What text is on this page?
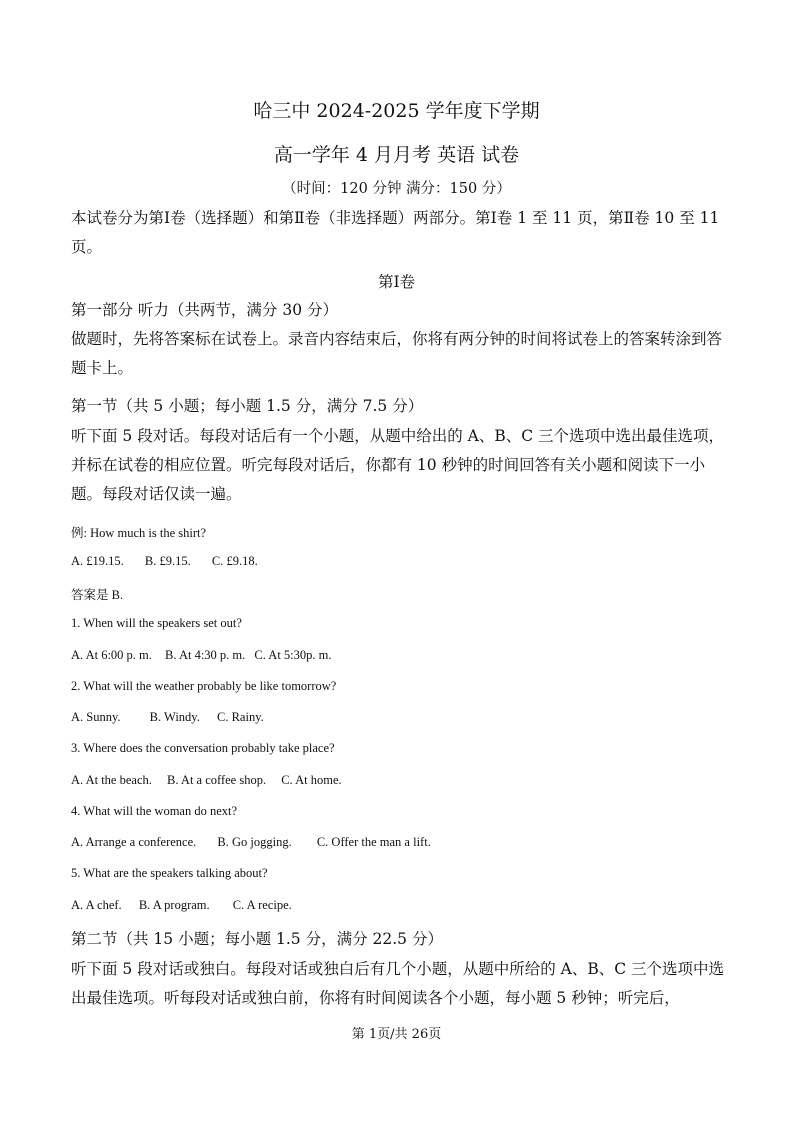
哈三中 2024-2025 学年度下学期
高一学年 4 月月考 英语 试卷
（时间：120 分钟 满分：150 分）
本试卷分为第Ⅰ卷（选择题）和第Ⅱ卷（非选择题）两部分。第Ⅰ卷 1 至 11 页，第Ⅱ卷 10 至 11 页。
第Ⅰ卷
第一部分 听力（共两节，满分 30 分）
做题时，先将答案标在试卷上。录音内容结束后，你将有两分钟的时间将试卷上的答案转涂到答题卡上。
第一节（共 5 小题；每小题 1.5 分，满分 7.5 分）
听下面 5 段对话。每段对话后有一个小题，从题中给出的 A、B、C 三个选项中选出最佳选项，并标在试卷的相应位置。听完每段对话后，你都有 10 秒钟的时间回答有关小题和阅读下一小题。每段对话仅读一遍。
例: How much is the shirt?
A. £19.15. B. £9.15. C. £9.18.
答案是 B.
1. When will the speakers set out?
A. At 6:00 p. m. B. At 4:30 p. m. C. At 5:30p. m.
2. What will the weather probably be like tomorrow?
A. Sunny. B. Windy. C. Rainy.
3. Where does the conversation probably take place?
A. At the beach. B. At a coffee shop. C. At home.
4. What will the woman do next?
A. Arrange a conference. B. Go jogging. C. Offer the man a lift.
5. What are the speakers talking about?
A. A chef. B. A program. C. A recipe.
第二节（共 15 小题；每小题 1.5 分，满分 22.5 分）
听下面 5 段对话或独白。每段对话或独白后有几个小题，从题中所给的 A、B、C 三个选项中选出最佳选项。听每段对话或独白前，你将有时间阅读各个小题，每小题 5 秒钟；听完后，
第 1页/共 26页
